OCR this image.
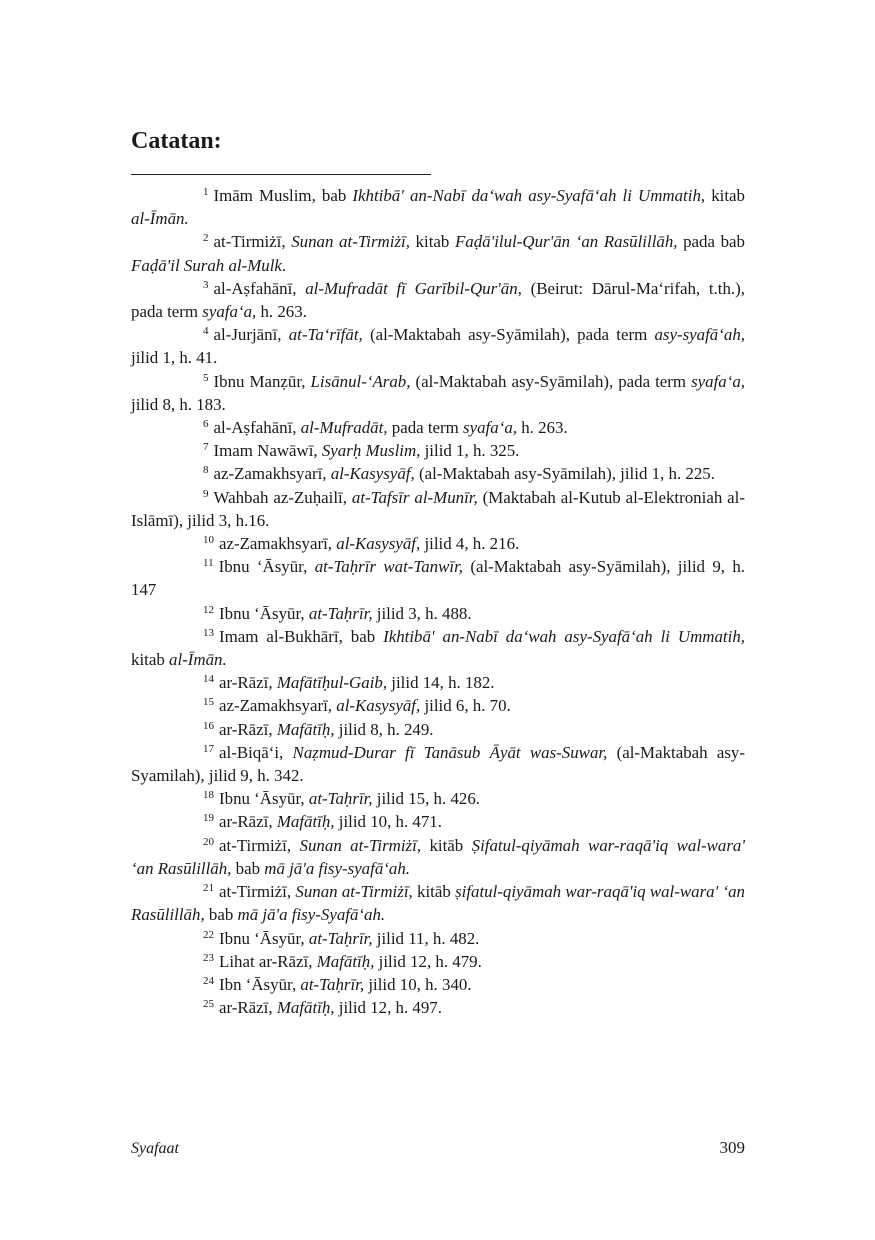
Catatan:

$^1$ Imām Muslim, bab Ikhtibā' an-Nabī da‘wah asy-Syafā‘ah li Ummatih, kitab al-Īmān.

$^2$ at-Tirmiżī, Sunan at-Tirmiżī, kitab Faḍā'ilul-Qur'ān ‘an Rasūlillāh, pada bab Faḍā'il Surah al-Mulk.

$^3$ al-Aṣfahānī, al-Mufradāt fī Garībil-Qur'ān, (Beirut: Dārul-Ma‘rifah, t.th.), pada term syafa‘a, h. 263.

$^4$ al-Jurjānī, at-Ta‘rīfāt, (al-Maktabah asy-Syāmilah), pada term asy-syafā‘ah, jilid 1, h. 41.

$^5$ Ibnu Manẓūr, Lisānul-‘Arab, (al-Maktabah asy-Syāmilah), pada term syafa‘a, jilid 8, h. 183.

$^6$ al-Aṣfahānī, al-Mufradāt, pada term syafa‘a, h. 263.

$^7$ Imam Nawāwī, Syarḥ Muslim, jilid 1, h. 325.

$^8$ az-Zamakhsyarī, al-Kasysyāf, (al-Maktabah asy-Syāmilah), jilid 1, h. 225.

$^9$ Wahbah az-Zuḥailī, at-Tafsīr al-Munīr, (Maktabah al-Kutub al-Elektroniah al-Islāmī), jilid 3, h.16.

$^{10}$ az-Zamakhsyarī, al-Kasysyāf, jilid 4, h. 216.

$^{11}$ Ibnu ‘Āsyūr, at-Taḥrīr wat-Tanwīr, (al-Maktabah asy-Syāmilah), jilid 9, h. 147

$^{12}$ Ibnu ‘Āsyūr, at-Taḥrīr, jilid 3, h. 488.

$^{13}$ Imam al-Bukhārī, bab Ikhtibā' an-Nabī da‘wah asy-Syafā‘ah li Ummatih, kitab al-Īmān.

$^{14}$ ar-Rāzī, Mafātīḥul-Gaib, jilid 14, h. 182.

$^{15}$ az-Zamakhsyarī, al-Kasysyāf, jilid 6, h. 70.

$^{16}$ ar-Rāzī, Mafātīḥ, jilid 8, h. 249.

$^{17}$ al-Biqā‘i, Naẓmud-Durar fī Tanāsub Āyāt was-Suwar, (al-Maktabah asy-Syamilah), jilid 9, h. 342.

$^{18}$ Ibnu ‘Āsyūr, at-Taḥrīr, jilid 15, h. 426.

$^{19}$ ar-Rāzī, Mafātīḥ, jilid 10, h. 471.

$^{20}$ at-Tirmiżī, Sunan at-Tirmiżī, kitāb Ṣifatul-qiyāmah war-raqā'iq wal-wara' ‘an Rasūlillāh, bab mā jā'a fisy-syafā‘ah.

$^{21}$ at-Tirmiżī, Sunan at-Tirmiżī, kitāb ṣifatul-qiyāmah war-raqā'iq wal-wara' ‘an Rasūlillāh, bab mā jā'a fisy-Syafā‘ah.

$^{22}$ Ibnu ‘Āsyūr, at-Taḥrīr, jilid 11, h. 482.

$^{23}$ Lihat ar-Rāzī, Mafātīḥ, jilid 12, h. 479.

$^{24}$ Ibn ‘Āsyūr, at-Taḥrīr, jilid 10, h. 340.

$^{25}$ ar-Rāzī, Mafātīḥ, jilid 12, h. 497.

Syafaat	309
